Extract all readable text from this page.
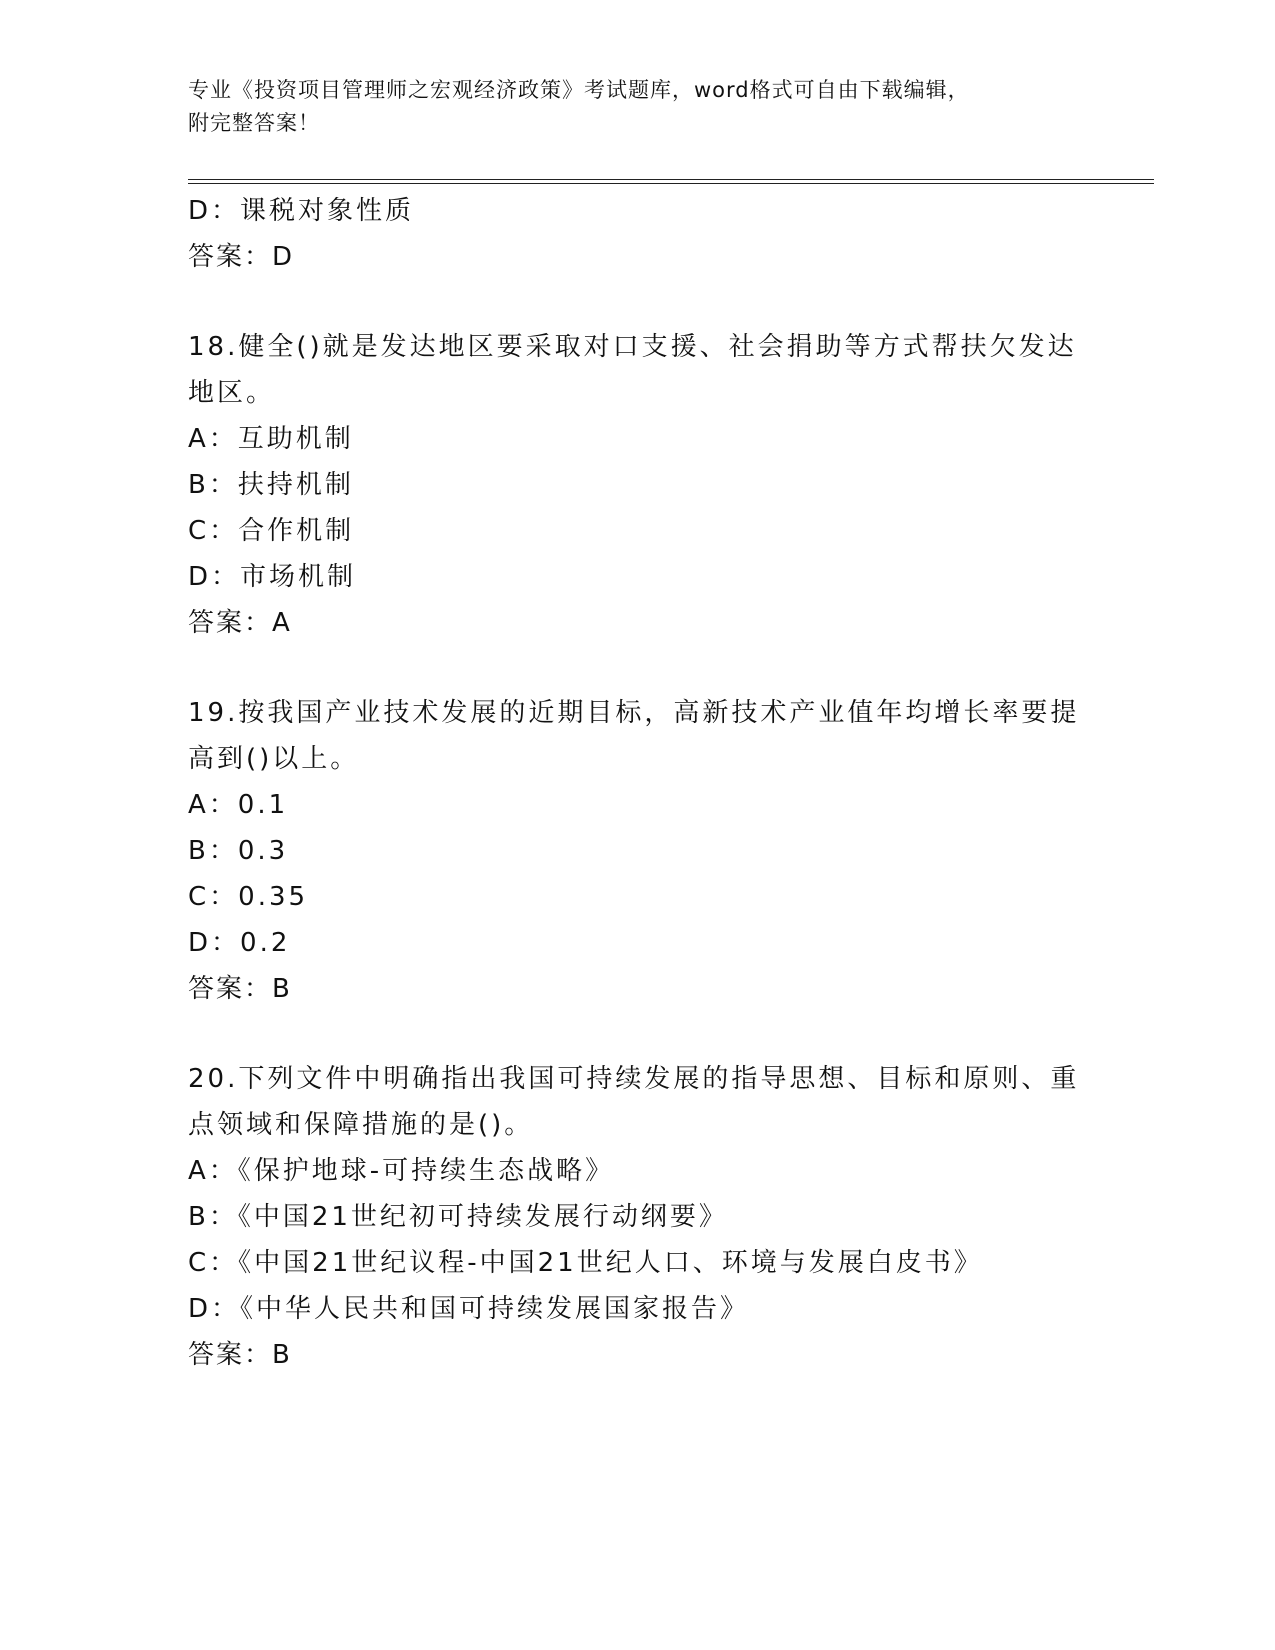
专业《投资项目管理师之宏观经济政策》考试题库，word格式可自由下载编辑，
附完整答案！
D：课税对象性质
答案：D
18.健全()就是发达地区要采取对口支援、社会捐助等方式帮扶欠发达
地区。
A：互助机制
B：扶持机制
C：合作机制
D：市场机制
答案：A
19.按我国产业技术发展的近期目标，高新技术产业值年均增长率要提
高到()以上。
A：0.1
B：0.3
C：0.35
D：0.2
答案：B
20.下列文件中明确指出我国可持续发展的指导思想、目标和原则、重
点领域和保障措施的是()。
A：《保护地球-可持续生态战略》
B：《中国21世纪初可持续发展行动纲要》
C：《中国21世纪议程-中国21世纪人口、环境与发展白皮书》
D：《中华人民共和国可持续发展国家报告》
答案：B
